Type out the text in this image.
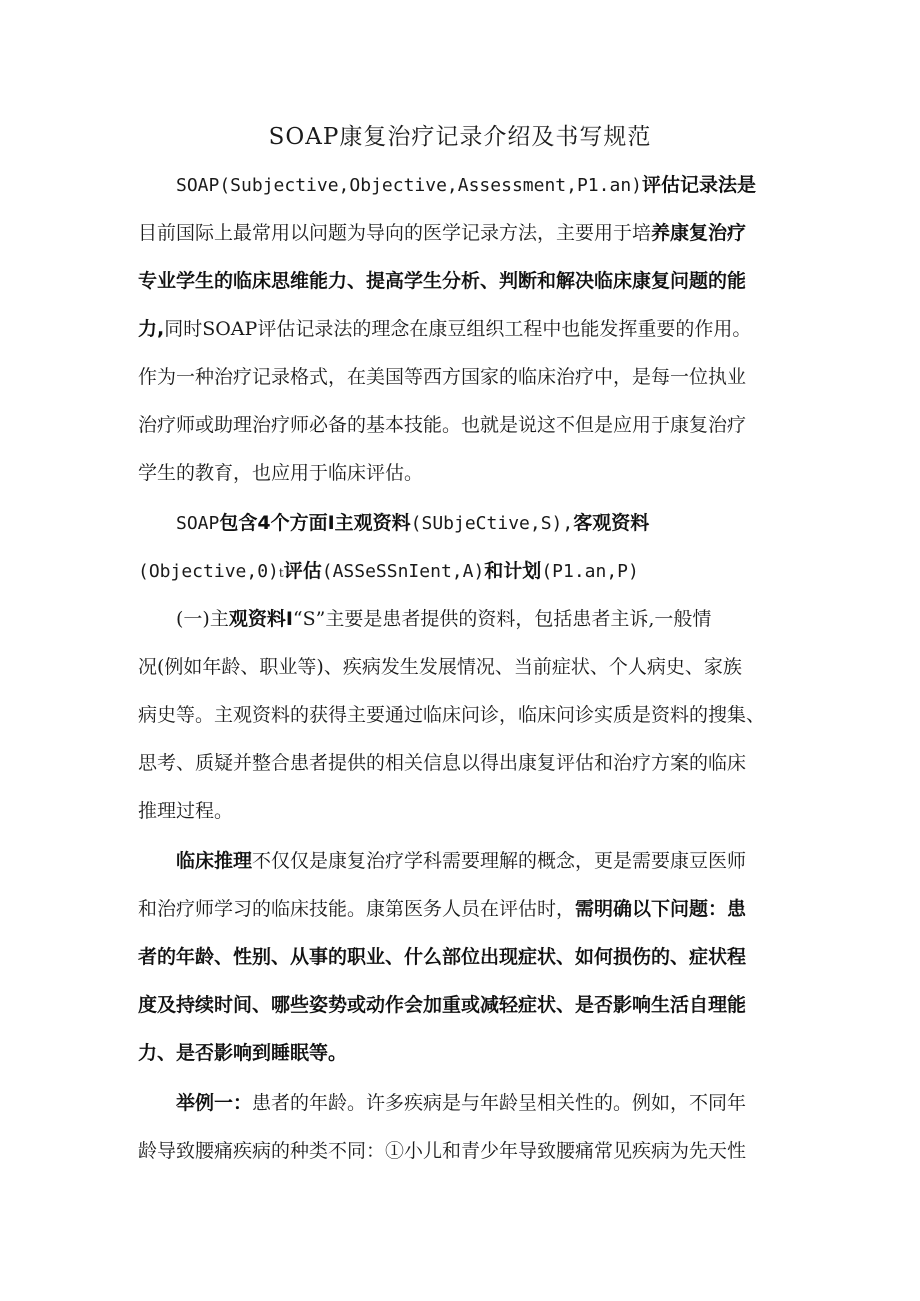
SOAP康复治疗记录介绍及书写规范
SOAP(Subjective,Objective,Assessment,P1.an)评估记录法是
目前国际上最常用以问题为导向的医学记录方法，主要用于培养康复治疗
专业学生的临床思维能力、提高学生分析、判断和解决临床康复问题的能
力,同时SOAP评估记录法的理念在康豆组织工程中也能发挥重要的作用。
作为一种治疗记录格式，在美国等西方国家的临床治疗中，是每一位执业
治疗师或助理治疗师必备的基本技能。也就是说这不但是应用于康复治疗
学生的教育，也应用于临床评估。
SOAP包含4个方面I主观资料(SUbjeCtive,S),客观资料
(Objective,0)t评估(ASSeSSnIent,A)和计划(P1.an,P)
(一)主观资料I“S”主要是患者提供的资料，包括患者主诉,一般情
况(例如年龄、职业等)、疾病发生发展情况、当前症状、个人病史、家族
病史等。主观资料的获得主要通过临床问诊，临床问诊实质是资料的搜集、
思考、质疑并整合患者提供的相关信息以得出康复评估和治疗方案的临床
推理过程。
临床推理不仅仅是康复治疗学科需要理解的概念，更是需要康豆医师
和治疗师学习的临床技能。康第医务人员在评估时，需明确以下问题：患
者的年龄、性别、从事的职业、什么部位出现症状、如何损伤的、症状程
度及持续时间、哪些姿势或动作会加重或减轻症状、是否影响生活自理能
力、是否影响到睡眠等。
举例一：患者的年龄。许多疾病是与年龄呈相关性的。例如，不同年
龄导致腰痛疾病的种类不同：①小儿和青少年导致腰痛常见疾病为先天性
